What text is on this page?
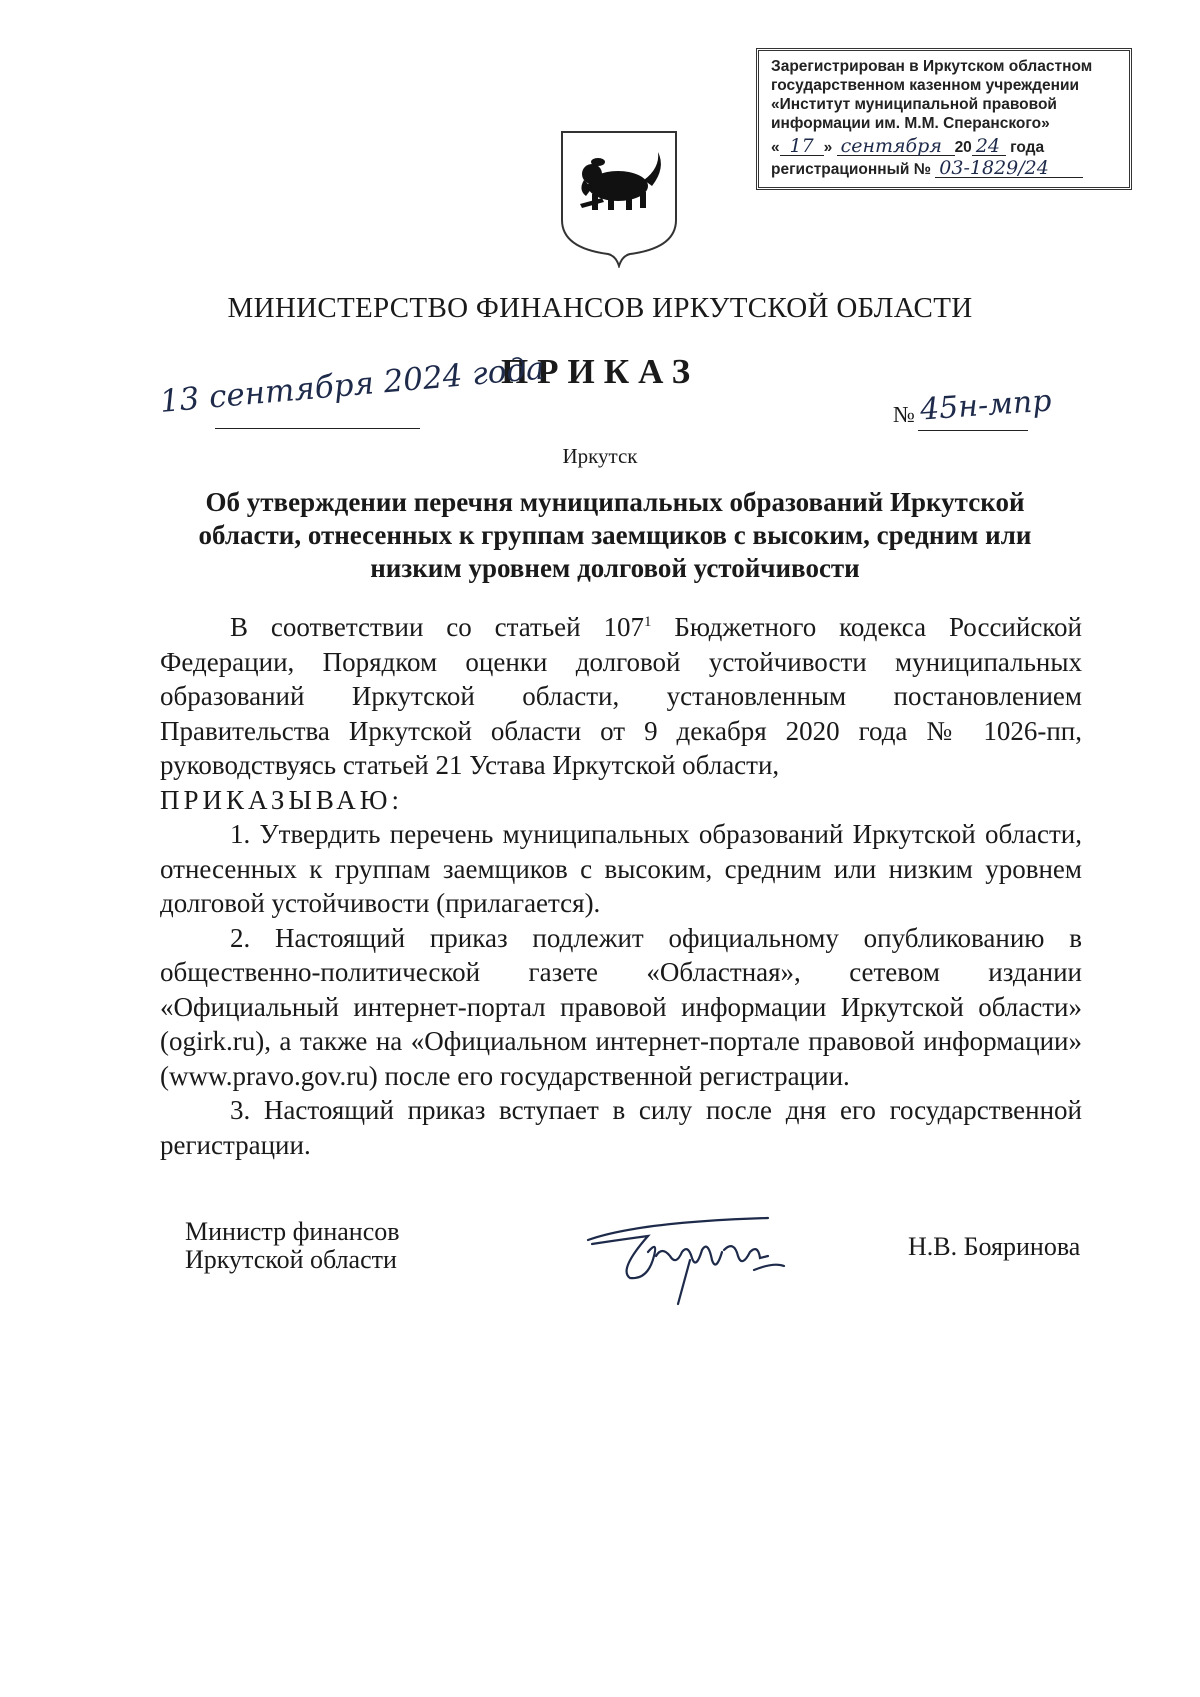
Зарегистрирован в Иркутском областном
государственном казенном учреждении
«Институт муниципальной правовой
информации им. М.М. Сперанского»
« 17 » сентября 20 24 года
регистрационный № 03-1829/24
МИНИСТЕРСТВО ФИНАНСОВ ИРКУТСКОЙ ОБЛАСТИ
ПРИКАЗ
13 сентября 2024 года	№ 45н-мпр
Иркутск
Об утверждении перечня муниципальных образований Иркутской области, отнесенных к группам заемщиков с высоким, средним или низким уровнем долговой устойчивости

В соответствии со статьей $107^1$ Бюджетного кодекса Российской Федерации, Порядком оценки долговой устойчивости муниципальных образований Иркутской области, установленным постановлением Правительства Иркутской области от 9 декабря 2020 года № 1026-пп, руководствуясь статьей 21 Устава Иркутской области,

ПРИКАЗЫВАЮ:

1. Утвердить перечень муниципальных образований Иркутской области, отнесенных к группам заемщиков с высоким, средним или низким уровнем долговой устойчивости (прилагается).

2. Настоящий приказ подлежит официальному опубликованию в общественно-политической газете «Областная», сетевом издании «Официальный интернет-портал правовой информации Иркутской области» (ogirk.ru), а также на «Официальном интернет-портале правовой информации» (www.pravo.gov.ru) после его государственной регистрации.

3. Настоящий приказ вступает в силу после дня его государственной регистрации.

Министр финансов
Иркутской области	Н.В. Бояринова
